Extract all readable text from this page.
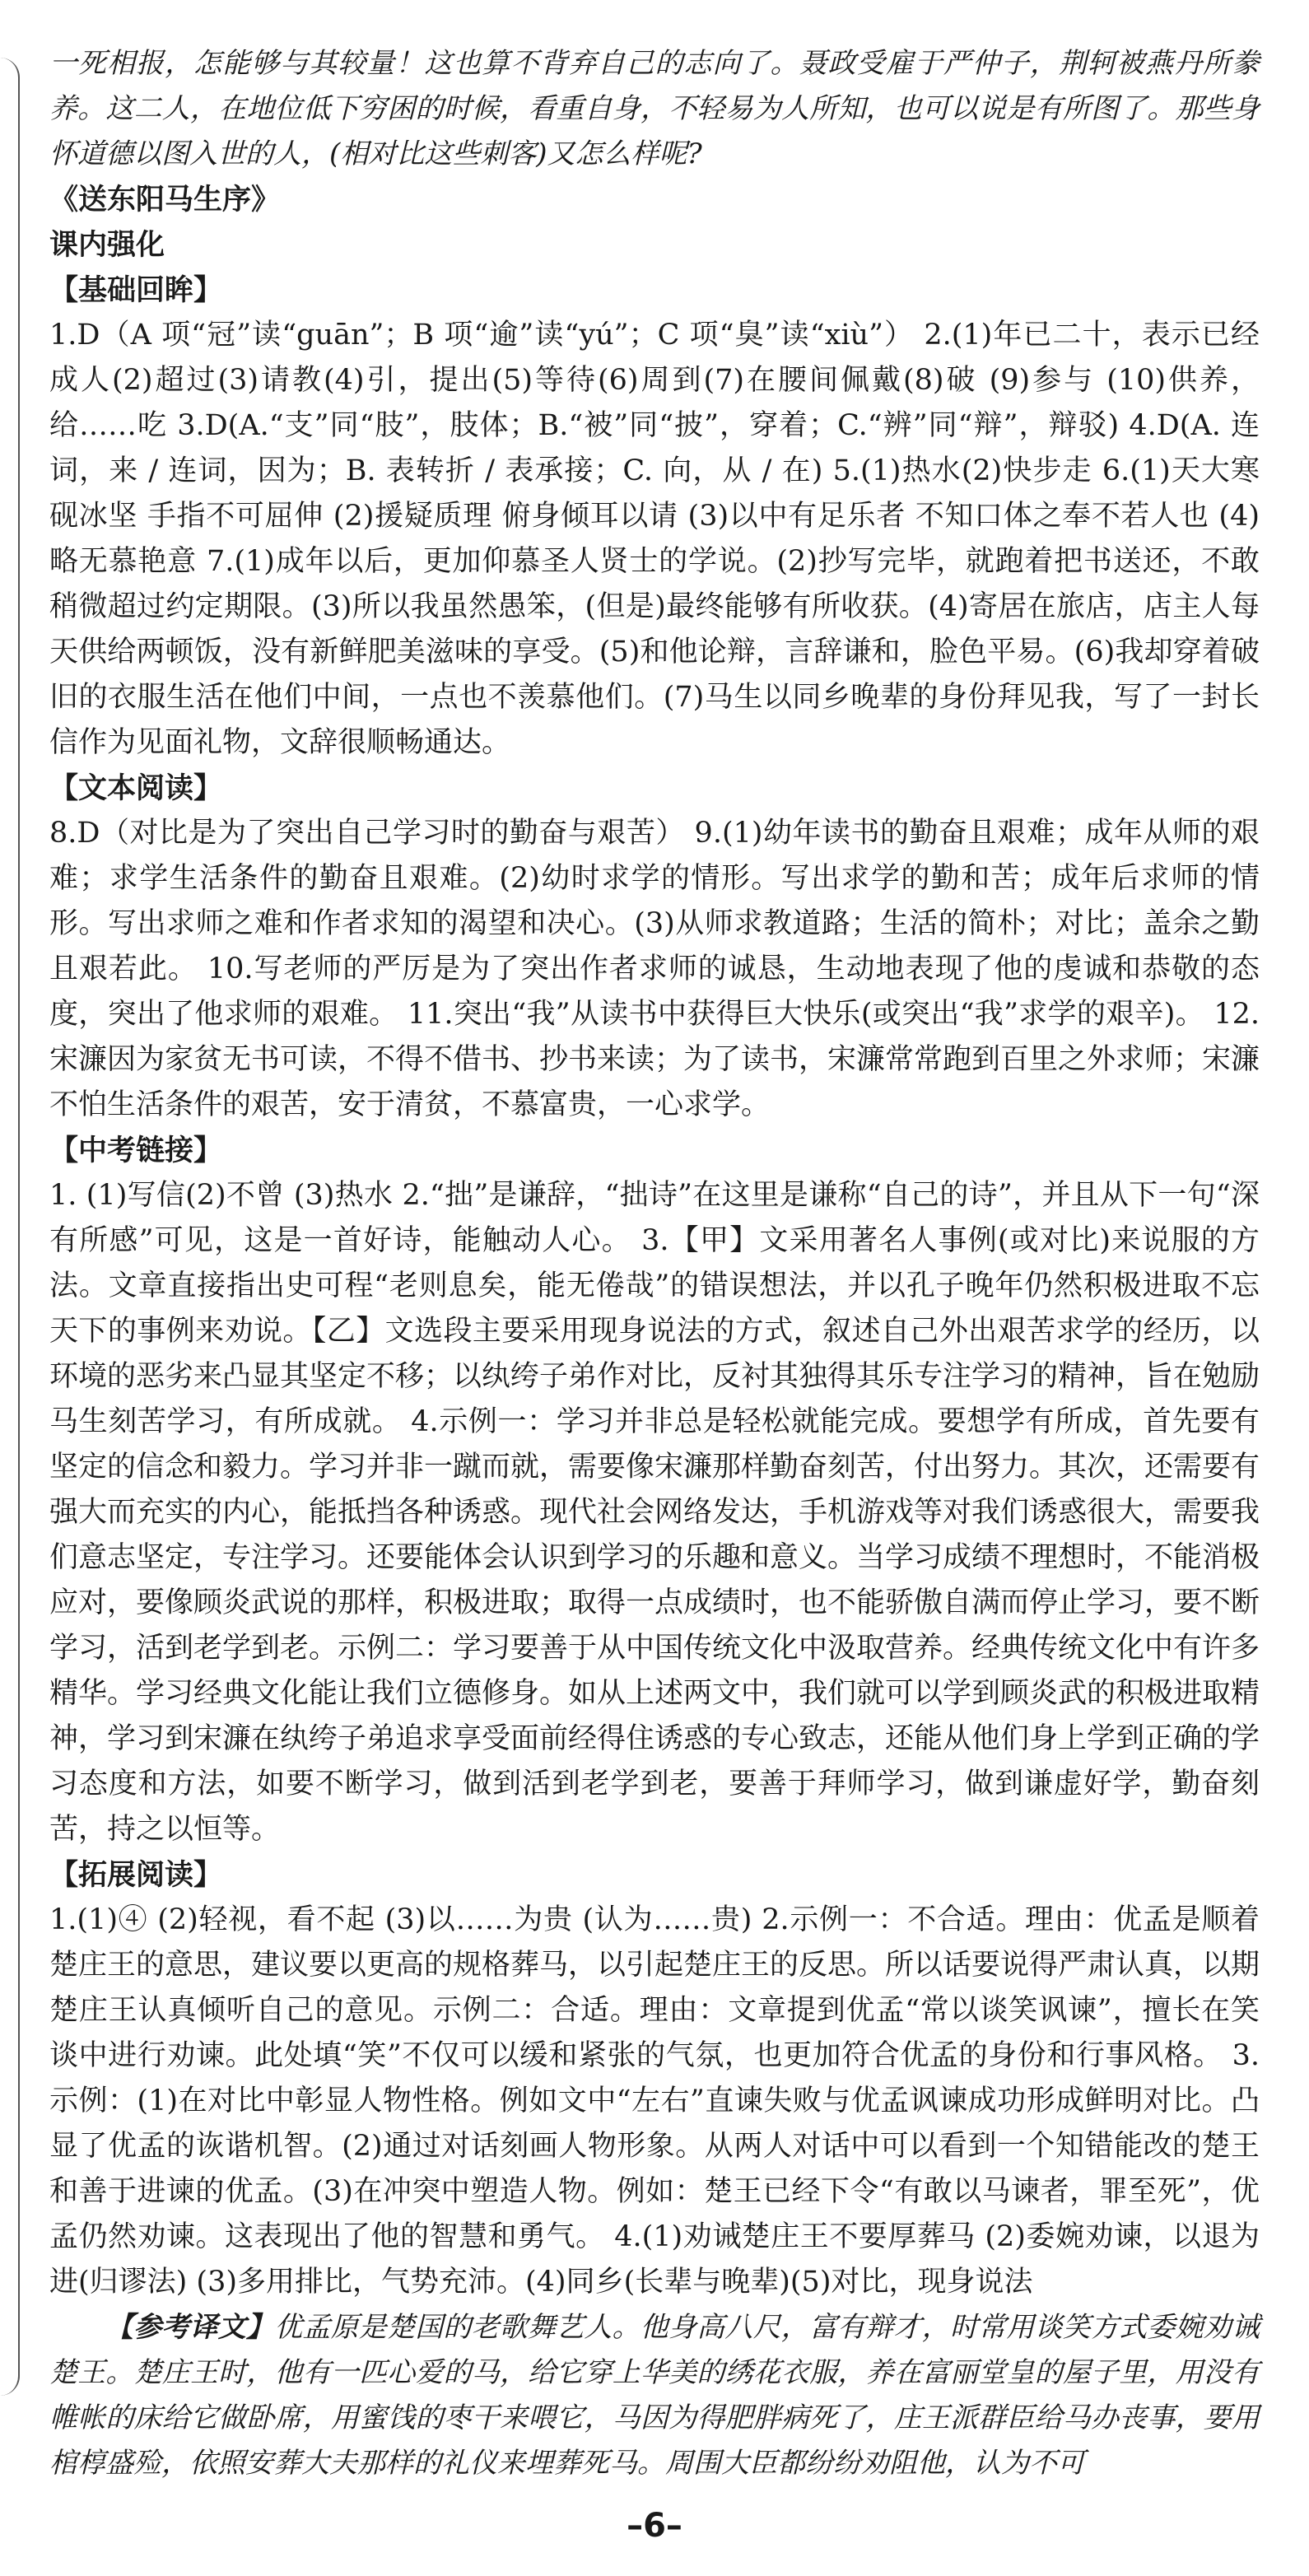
一死相报，怎能够与其较量！这也算不背弃自己的志向了。聂政受雇于严仲子，荆轲被燕丹所豢养。这二人，在地位低下穷困的时候，看重自身，不轻易为人所知，也可以说是有所图了。那些身怀道德以图入世的人，(相对比这些刺客)又怎么样呢?

《送东阳马生序》

课内强化

【基础回眸】

1.D（A 项“冠”读“guān”；B 项“逾”读“yú”；C 项“臭”读“xiù”） 2.(1)年已二十，表示已经成人(2)超过(3)请教(4)引，提出(5)等待(6)周到(7)在腰间佩戴(8)破 (9)参与 (10)供养，给……吃 3.D(A.“支”同“肢”，肢体；B.“被”同“披”，穿着；C.“辨”同“辩”，辩驳) 4.D(A. 连词，来 / 连词，因为；B. 表转折 / 表承接；C. 向，从 / 在) 5.(1)热水(2)快步走 6.(1)天大寒 砚冰坚 手指不可屈伸 (2)援疑质理 俯身倾耳以请 (3)以中有足乐者 不知口体之奉不若人也 (4)略无慕艳意 7.(1)成年以后，更加仰慕圣人贤士的学说。(2)抄写完毕，就跑着把书送还，不敢稍微超过约定期限。(3)所以我虽然愚笨，(但是)最终能够有所收获。(4)寄居在旅店，店主人每天供给两顿饭，没有新鲜肥美滋味的享受。(5)和他论辩，言辞谦和，脸色平易。(6)我却穿着破旧的衣服生活在他们中间，一点也不羡慕他们。(7)马生以同乡晚辈的身份拜见我，写了一封长信作为见面礼物，文辞很顺畅通达。

【文本阅读】

8.D（对比是为了突出自己学习时的勤奋与艰苦） 9.(1)幼年读书的勤奋且艰难；成年从师的艰难；求学生活条件的勤奋且艰难。(2)幼时求学的情形。写出求学的勤和苦；成年后求师的情形。写出求师之难和作者求知的渴望和决心。(3)从师求教道路；生活的简朴；对比；盖余之勤且艰若此。 10.写老师的严厉是为了突出作者求师的诚恳，生动地表现了他的虔诚和恭敬的态度，突出了他求师的艰难。 11.突出“我”从读书中获得巨大快乐(或突出“我”求学的艰辛)。 12.宋濂因为家贫无书可读，不得不借书、抄书来读；为了读书，宋濂常常跑到百里之外求师；宋濂不怕生活条件的艰苦，安于清贫，不慕富贵，一心求学。

【中考链接】

1. (1)写信(2)不曾 (3)热水 2.“拙”是谦辞，“拙诗”在这里是谦称“自己的诗”，并且从下一句“深有所感”可见，这是一首好诗，能触动人心。 3.【甲】文采用著名人事例(或对比)来说服的方法。文章直接指出史可程“老则息矣，能无倦哉”的错误想法，并以孔子晚年仍然积极进取不忘天下的事例来劝说。【乙】文选段主要采用现身说法的方式，叙述自己外出艰苦求学的经历，以环境的恶劣来凸显其坚定不移；以纨绔子弟作对比，反衬其独得其乐专注学习的精神，旨在勉励马生刻苦学习，有所成就。 4.示例一：学习并非总是轻松就能完成。要想学有所成，首先要有坚定的信念和毅力。学习并非一蹴而就，需要像宋濂那样勤奋刻苦，付出努力。其次，还需要有强大而充实的内心，能抵挡各种诱惑。现代社会网络发达，手机游戏等对我们诱惑很大，需要我们意志坚定，专注学习。还要能体会认识到学习的乐趣和意义。当学习成绩不理想时，不能消极应对，要像顾炎武说的那样，积极进取；取得一点成绩时，也不能骄傲自满而停止学习，要不断学习，活到老学到老。示例二：学习要善于从中国传统文化中汲取营养。经典传统文化中有许多精华。学习经典文化能让我们立德修身。如从上述两文中，我们就可以学到顾炎武的积极进取精神，学习到宋濂在纨绔子弟追求享受面前经得住诱惑的专心致志，还能从他们身上学到正确的学习态度和方法，如要不断学习，做到活到老学到老，要善于拜师学习，做到谦虚好学，勤奋刻苦，持之以恒等。

【拓展阅读】

1.(1)④ (2)轻视，看不起 (3)以……为贵 (认为……贵) 2.示例一：不合适。理由：优孟是顺着楚庄王的意思，建议要以更高的规格葬马，以引起楚庄王的反思。所以话要说得严肃认真，以期楚庄王认真倾听自己的意见。示例二：合适。理由：文章提到优孟“常以谈笑讽谏”，擅长在笑谈中进行劝谏。此处填“笑”不仅可以缓和紧张的气氛，也更加符合优孟的身份和行事风格。 3.示例：(1)在对比中彰显人物性格。例如文中“左右”直谏失败与优孟讽谏成功形成鲜明对比。凸显了优孟的诙谐机智。(2)通过对话刻画人物形象。从两人对话中可以看到一个知错能改的楚王和善于进谏的优孟。(3)在冲突中塑造人物。例如：楚王已经下令“有敢以马谏者，罪至死”，优孟仍然劝谏。这表现出了他的智慧和勇气。 4.(1)劝诫楚庄王不要厚葬马 (2)委婉劝谏，以退为进(归谬法) (3)多用排比，气势充沛。(4)同乡(长辈与晚辈)(5)对比，现身说法

【参考译文】优孟原是楚国的老歌舞艺人。他身高八尺，富有辩才，时常用谈笑方式委婉劝诫楚王。楚庄王时，他有一匹心爱的马，给它穿上华美的绣花衣服，养在富丽堂皇的屋子里，用没有帷帐的床给它做卧席，用蜜饯的枣干来喂它，马因为得肥胖病死了，庄王派群臣给马办丧事，要用棺椁盛殓，依照安葬大夫那样的礼仪来埋葬死马。周围大臣都纷纷劝阻他，认为不可

–6–
